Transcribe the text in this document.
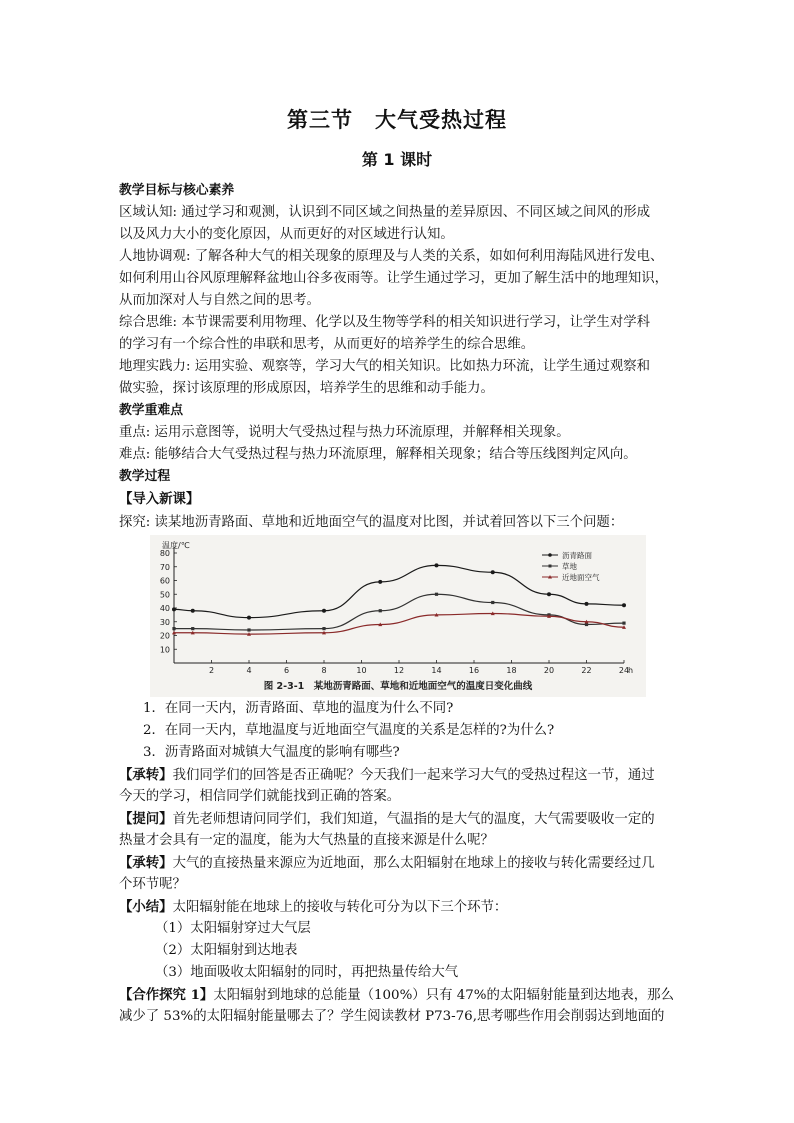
第三节 大气受热过程
第 1 课时
教学目标与核心素养
区域认知: 通过学习和观测，认识到不同区域之间热量的差异原因、不同区域之间风的形成
以及风力大小的变化原因，从而更好的对区域进行认知。
人地协调观: 了解各种大气的相关现象的原理及与人类的关系，如如何利用海陆风进行发电、
如何利用山谷风原理解释盆地山谷多夜雨等。让学生通过学习，更加了解生活中的地理知识，
从而加深对人与自然之间的思考。
综合思维: 本节课需要利用物理、化学以及生物等学科的相关知识进行学习，让学生对学科
的学习有一个综合性的串联和思考，从而更好的培养学生的综合思维。
地理实践力: 运用实验、观察等，学习大气的相关知识。比如热力环流，让学生通过观察和
做实验，探讨该原理的形成原因，培养学生的思维和动手能力。
教学重难点
重点: 运用示意图等，说明大气受热过程与热力环流原理，并解释相关现象。
难点: 能够结合大气受热过程与热力环流原理，解释相关现象；结合等压线图判定风向。
教学过程
【导入新课】
探究: 读某地沥青路面、草地和近地面空气的温度对比图，并试着回答以下三个问题：
10
20
30
40
50
60
70
80
2	4	6	8	10	12	14	16	18	20	22	24
h
温度/℃
沥青路面
草地
近地面空气
图 2-3-1　某地沥青路面、草地和近地面空气的温度日变化曲线
1．在同一天内，沥青路面、草地的温度为什么不同?
2．在同一天内，草地温度与近地面空气温度的关系是怎样的?为什么?
3．沥青路面对城镇大气温度的影响有哪些?
【承转】我们同学们的回答是否正确呢？今天我们一起来学习大气的受热过程这一节，通过
今天的学习，相信同学们就能找到正确的答案。
【提问】首先老师想请问同学们，我们知道，气温指的是大气的温度，大气需要吸收一定的
热量才会具有一定的温度，能为大气热量的直接来源是什么呢？
【承转】大气的直接热量来源应为近地面，那么太阳辐射在地球上的接收与转化需要经过几
个环节呢？
【小结】太阳辐射能在地球上的接收与转化可分为以下三个环节：
（1）太阳辐射穿过大气层
（2）太阳辐射到达地表
（3）地面吸收太阳辐射的同时，再把热量传给大气
【合作探究 1】太阳辐射到地球的总能量（100%）只有 47%的太阳辐射能量到达地表，那么
减少了 53%的太阳辐射能量哪去了？学生阅读教材 P73-76,思考哪些作用会削弱达到地面的
